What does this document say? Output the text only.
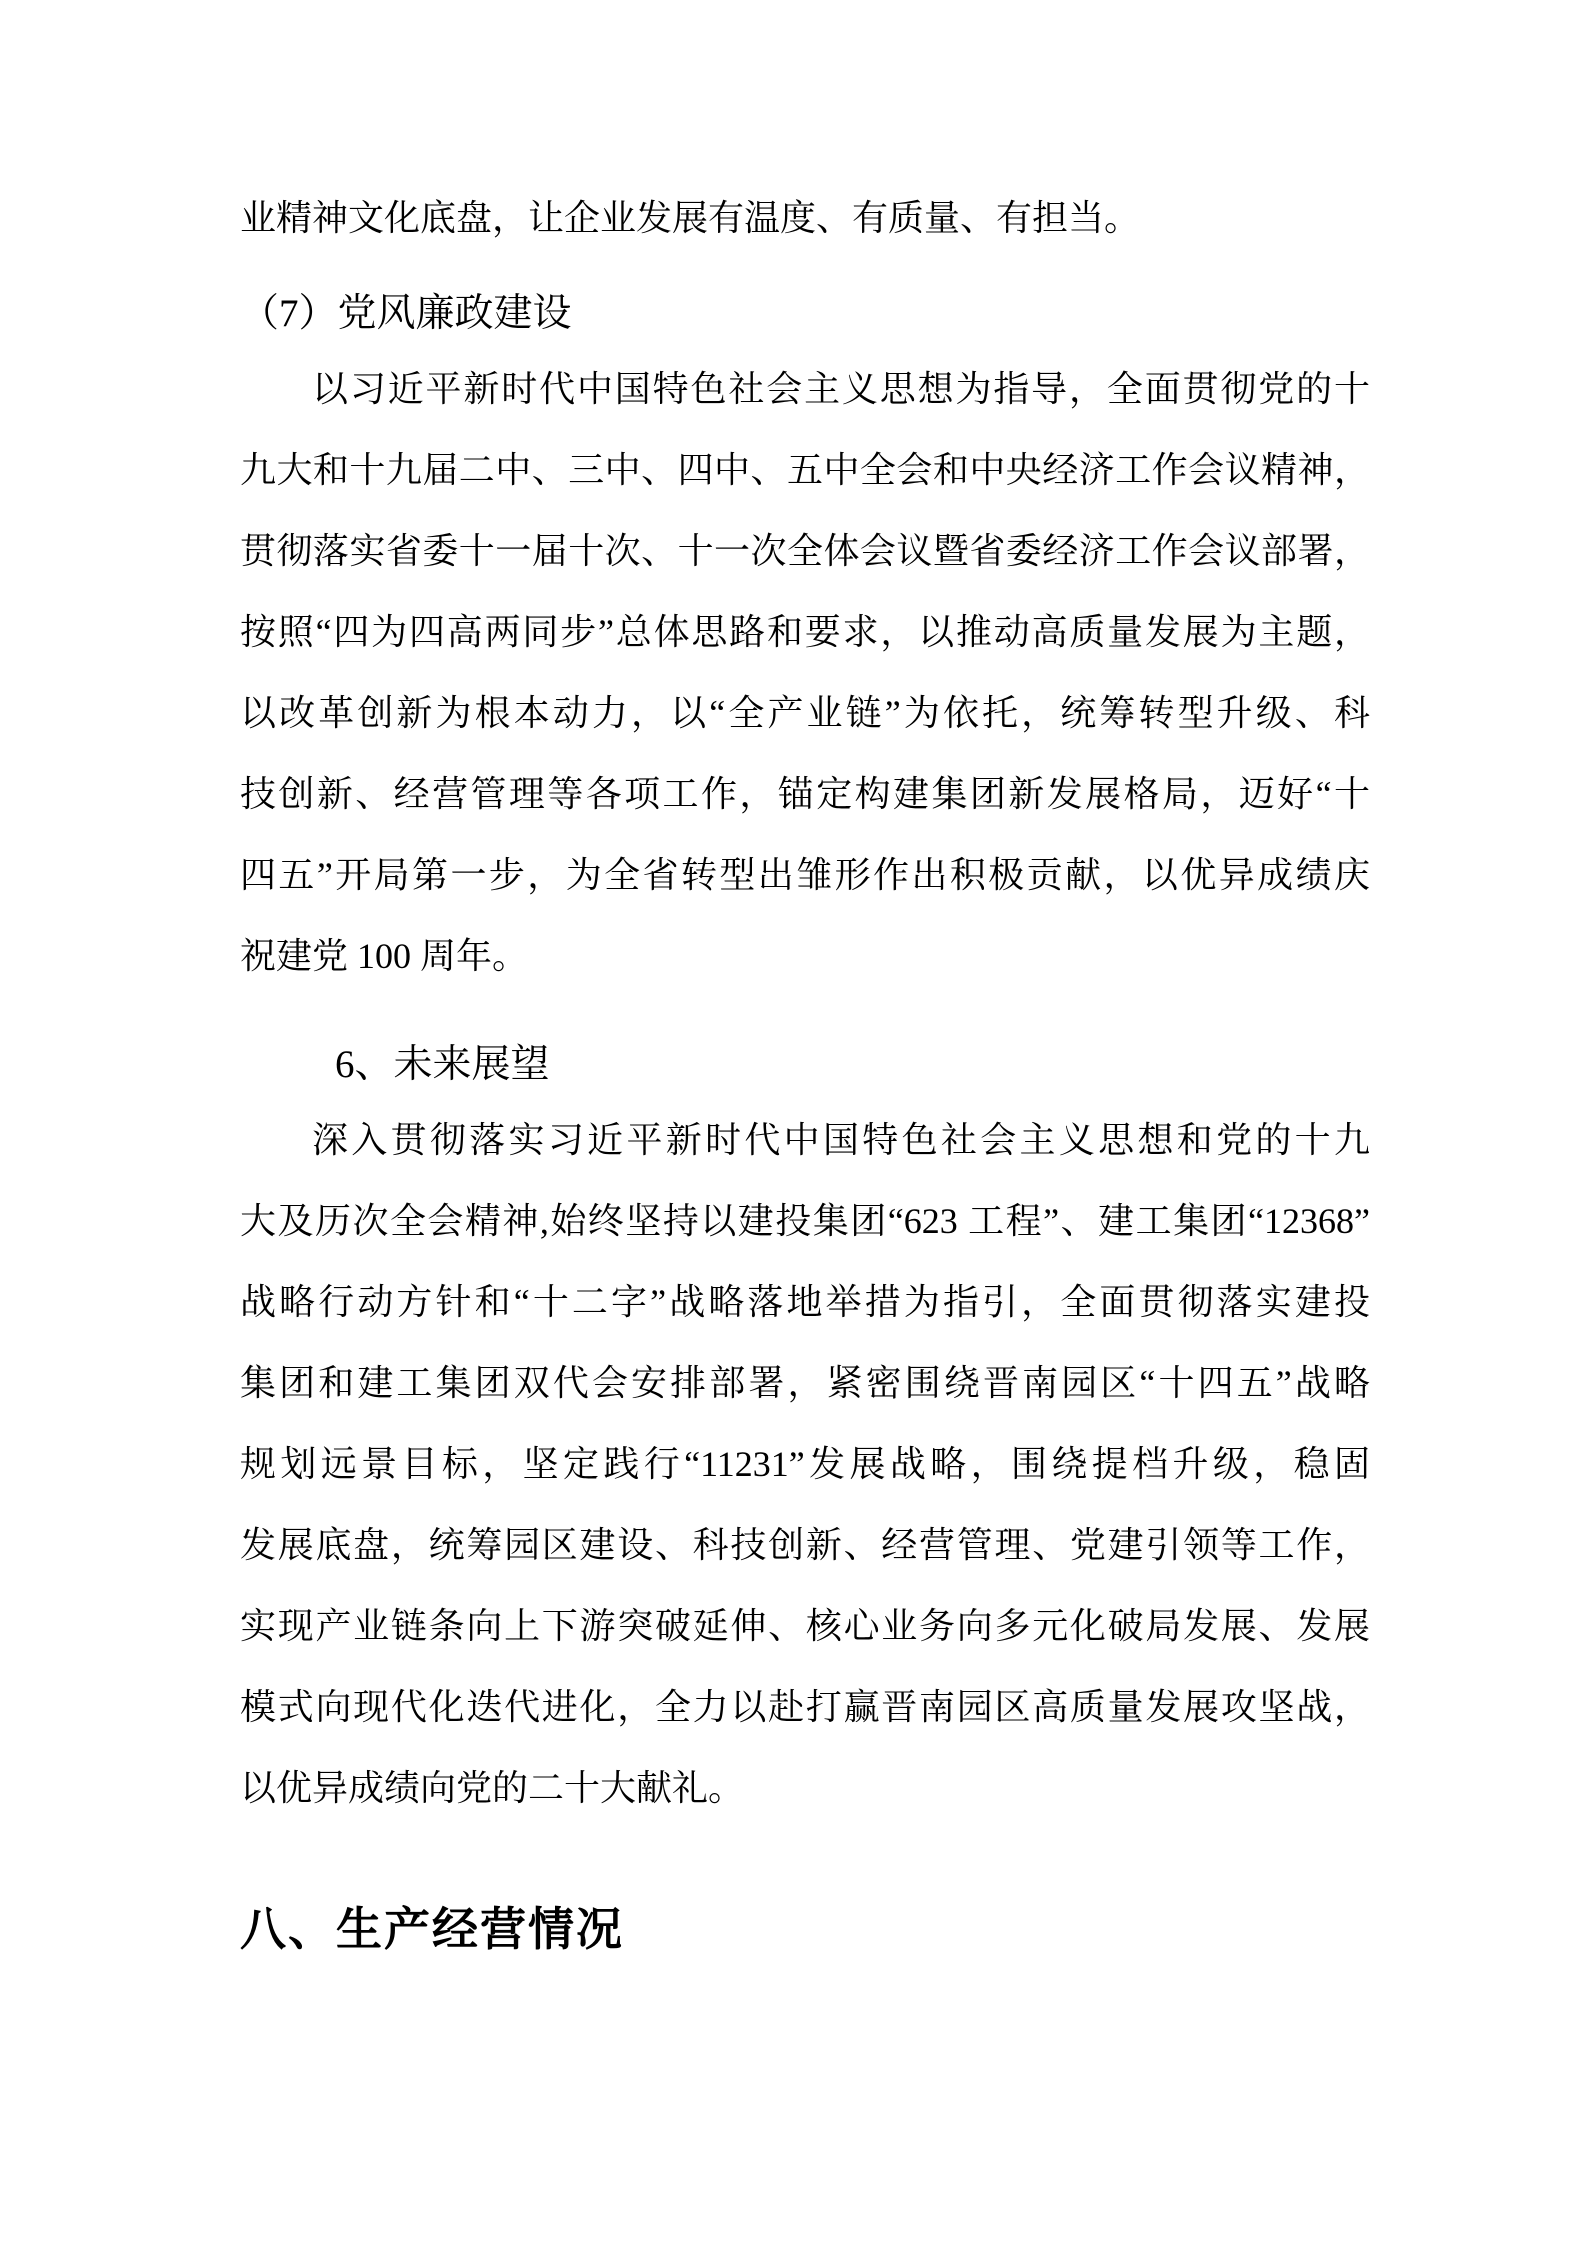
业精神文化底盘，让企业发展有温度、有质量、有担当。
（7）党风廉政建设
以习近平新时代中国特色社会主义思想为指导，全面贯彻党的十
九大和十九届二中、三中、四中、五中全会和中央经济工作会议精神，
贯彻落实省委十一届十次、十一次全体会议暨省委经济工作会议部署，
按照“四为四高两同步”总体思路和要求，以推动高质量发展为主题，
以改革创新为根本动力，以“全产业链”为依托，统筹转型升级、科
技创新、经营管理等各项工作，锚定构建集团新发展格局，迈好“十
四五”开局第一步，为全省转型出雏形作出积极贡献，以优异成绩庆
祝建党 100 周年。
6、未来展望
深入贯彻落实习近平新时代中国特色社会主义思想和党的十九
大及历次全会精神,始终坚持以建投集团“623 工程”、建工集团“12368”
战略行动方针和“十二字”战略落地举措为指引，全面贯彻落实建投
集团和建工集团双代会安排部署，紧密围绕晋南园区“十四五”战略
规划远景目标，坚定践行“11231”发展战略，围绕提档升级，稳固
发展底盘，统筹园区建设、科技创新、经营管理、党建引领等工作，
实现产业链条向上下游突破延伸、核心业务向多元化破局发展、发展
模式向现代化迭代进化，全力以赴打赢晋南园区高质量发展攻坚战，
以优异成绩向党的二十大献礼。
八、生产经营情况
